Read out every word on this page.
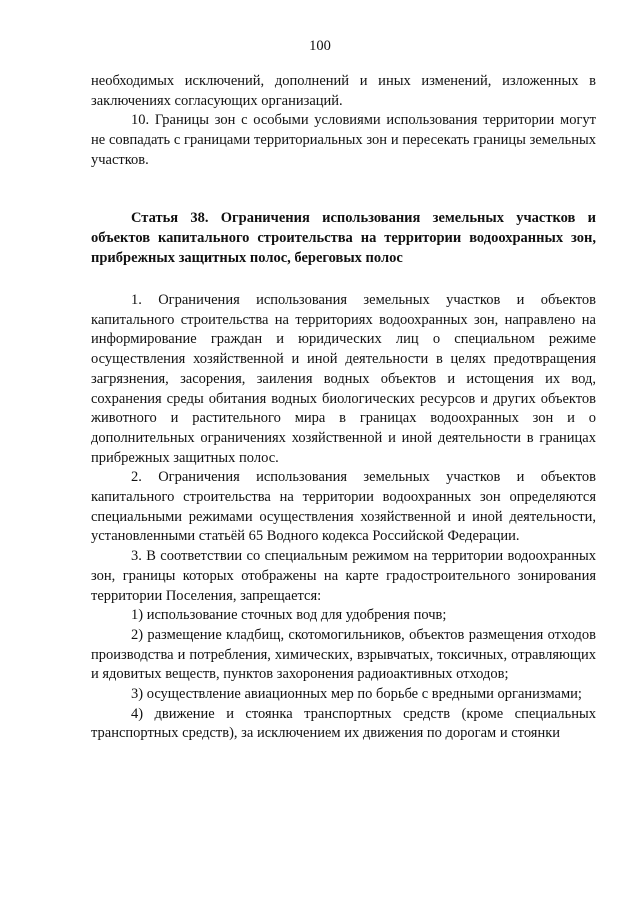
100

необходимых исключений, дополнений и иных изменений, изложенных в заключениях согласующих организаций.

10. Границы зон с особыми условиями использования территории могут не совпадать с границами территориальных зон и пересекать границы земельных участков.

Статья 38. Ограничения использования земельных участков и объектов капитального строительства на территории водоохранных зон, прибрежных защитных полос, береговых полос

1. Ограничения использования земельных участков и объектов капитального строительства на территориях водоохранных зон, направлено на информирование граждан и юридических лиц о специальном режиме осуществления хозяйственной и иной деятельности в целях предотвращения загрязнения, засорения, заиления водных объектов и истощения их вод, сохранения среды обитания водных биологических ресурсов и других объектов животного и растительного мира в границах водоохранных зон и о дополнительных ограничениях хозяйственной и иной деятельности в границах прибрежных защитных полос.

2. Ограничения использования земельных участков и объектов капитального строительства на территории водоохранных зон определяются специальными режимами осуществления хозяйственной и иной деятельности, установленными статьёй 65 Водного кодекса Российской Федерации.

3. В соответствии со специальным режимом на территории водоохранных зон, границы которых отображены на карте градостроительного зонирования территории Поселения, запрещается:

1) использование сточных вод для удобрения почв;

2) размещение кладбищ, скотомогильников, объектов размещения отходов производства и потребления, химических, взрывчатых, токсичных, отравляющих и ядовитых веществ, пунктов захоронения радиоактивных отходов;

3) осуществление авиационных мер по борьбе с вредными организмами;

4) движение и стоянка транспортных средств (кроме специальных транспортных средств), за исключением их движения по дорогам и стоянки
